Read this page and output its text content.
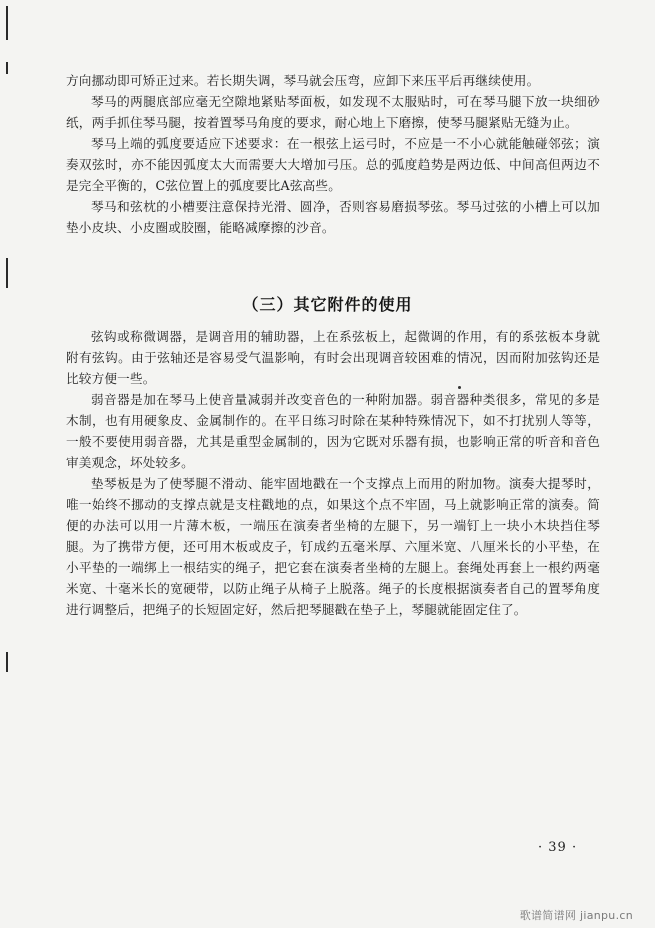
方向挪动即可矫正过来。若长期失调，琴马就会压弯，应卸下来压平后再继续使用。

琴马的两腿底部应毫无空隙地紧贴琴面板，如发现不太服贴时，可在琴马腿下放一块细砂纸，两手抓住琴马腿，按着置琴马角度的要求，耐心地上下磨擦，使琴马腿紧贴无缝为止。

琴马上端的弧度要适应下述要求：在一根弦上运弓时，不应是一不小心就能触碰邻弦；演奏双弦时，亦不能因弧度太大而需要大大增加弓压。总的弧度趋势是两边低、中间高但两边不是完全平衡的，C弦位置上的弧度要比A弦高些。

琴马和弦枕的小槽要注意保持光滑、圆净，否则容易磨损琴弦。琴马过弦的小槽上可以加垫小皮块、小皮圈或胶圈，能略减摩擦的沙音。

（三）其它附件的使用

弦钩或称微调器，是调音用的辅助器，上在系弦板上，起微调的作用，有的系弦板本身就附有弦钩。由于弦轴还是容易受气温影响，有时会出现调音较困难的情况，因而附加弦钩还是比较方便一些。

弱音器是加在琴马上使音量减弱并改变音色的一种附加器。弱音器种类很多，常见的多是木制，也有用硬象皮、金属制作的。在平日练习时除在某种特殊情况下，如不打扰别人等等，一般不要使用弱音器，尤其是重型金属制的，因为它既对乐器有损，也影响正常的听音和音色审美观念，坏处较多。

垫琴板是为了使琴腿不滑动、能牢固地戳在一个支撑点上而用的附加物。演奏大提琴时，唯一始终不挪动的支撑点就是支柱戳地的点，如果这个点不牢固，马上就影响正常的演奏。简便的办法可以用一片薄木板，一端压在演奏者坐椅的左腿下，另一端钉上一块小木块挡住琴腿。为了携带方便，还可用木板或皮子，钉成约五毫米厚、六厘米宽、八厘米长的小平垫，在小平垫的一端绑上一根结实的绳子，把它套在演奏者坐椅的左腿上。套绳处再套上一根约两毫米宽、十毫米长的宽硬带，以防止绳子从椅子上脱落。绳子的长度根据演奏者自己的置琴角度进行调整后，把绳子的长短固定好，然后把琴腿戳在垫子上，琴腿就能固定住了。

· 39 ·
歌谱简谱网 jianpu.cn
